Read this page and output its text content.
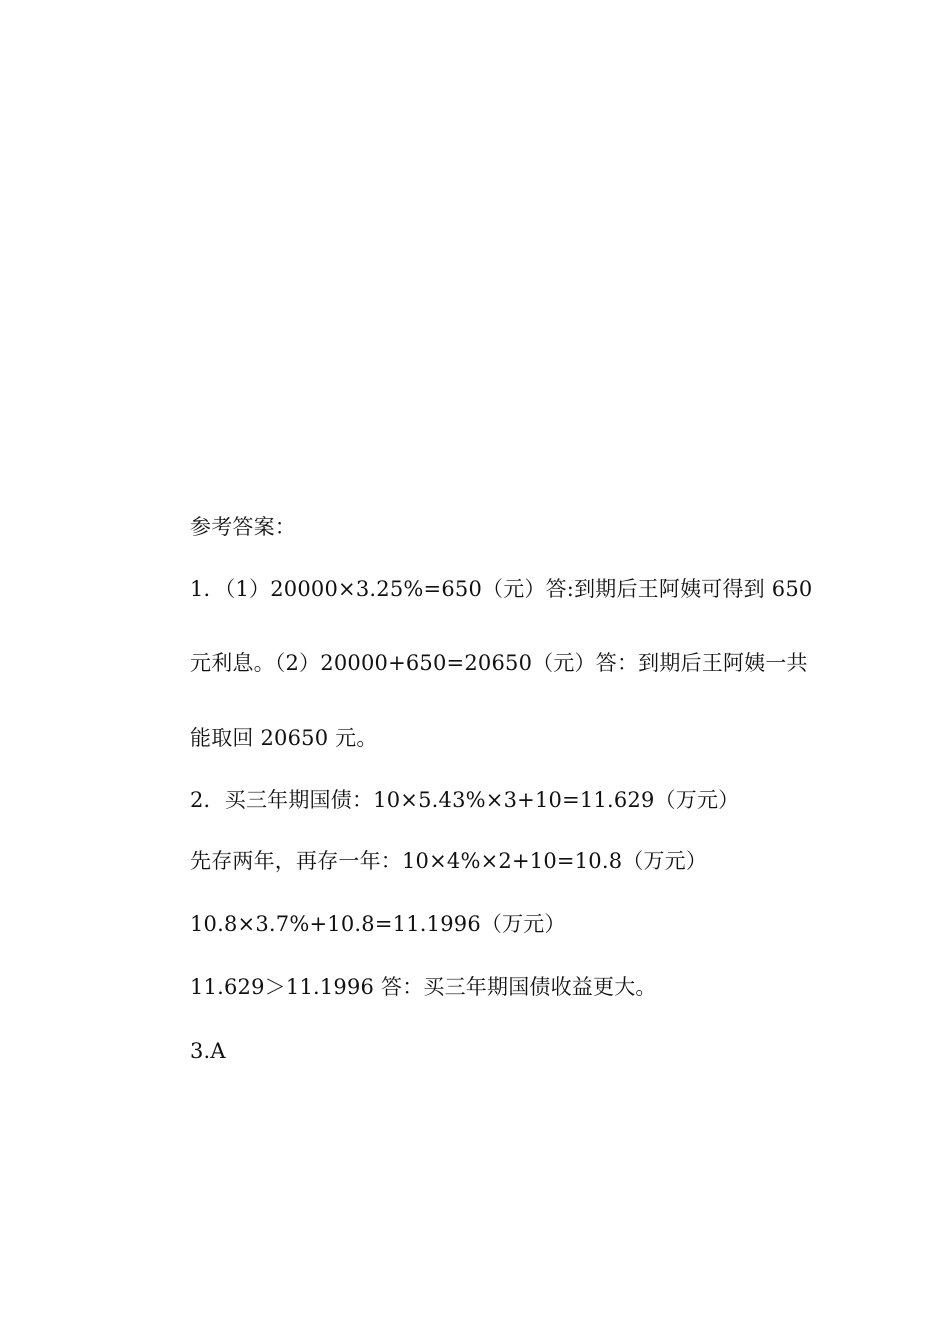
参考答案：
1．（1）20000×3.25%=650（元）答:到期后王阿姨可得到 650
元利息。（2）20000+650=20650（元）答：到期后王阿姨一共
能取回 20650 元。
2．买三年期国债：10×5.43%×3+10=11.629（万元）
先存两年，再存一年：10×4%×2+10=10.8（万元）
10.8×3.7%+10.8=11.1996（万元）
11.629＞11.1996 答：买三年期国债收益更大。
3.A
